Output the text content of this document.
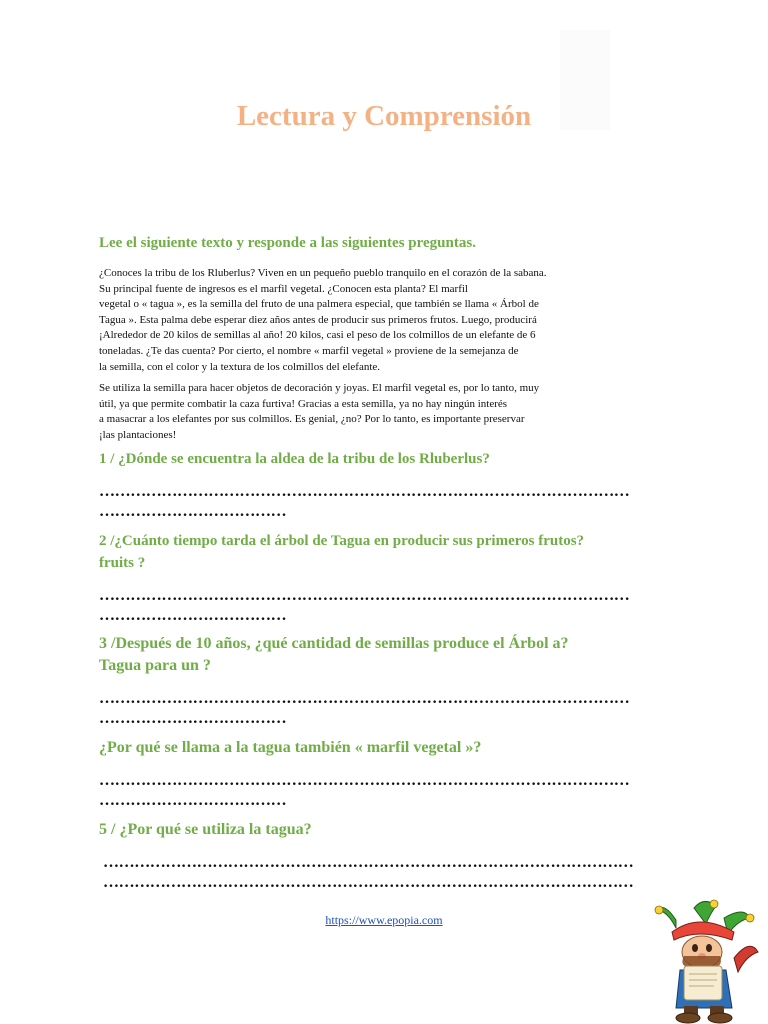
Lectura y Comprensión
Lee el siguiente texto y responde a las siguientes preguntas.
¿Conoces la tribu de los Rluberlus? Viven en un pequeño pueblo tranquilo en el corazón de la sabana.
Su principal fuente de ingresos es el marfil vegetal. ¿Conocen esta planta? El marfil
vegetal o « tagua », es la semilla del fruto de una palmera especial, que también se llama « Árbol de
Tagua ». Esta palma debe esperar diez años antes de producir sus primeros frutos. Luego, producirá
¡Alrededor de 20 kilos de semillas al año! 20 kilos, casi el peso de los colmillos de un elefante de 6
toneladas. ¿Te das cuenta? Por cierto, el nombre « marfil vegetal » proviene de la semejanza de
la semilla, con el color y la textura de los colmillos del elefante.
Se utiliza la semilla para hacer objetos de decoración y joyas. El marfil vegetal es, por lo tanto, muy
útil, ya que permite combatir la caza furtiva! Gracias a esta semilla, ya no hay ningún interés
a masacrar a los elefantes por sus colmillos. Es genial, ¿no? Por lo tanto, es importante preservar
¡las plantaciones!
1 / ¿Dónde se encuentra la aldea de la tribu de los Rluberlus?
…………………………………………………………………………………………
………………………………
2 /¿Cuánto tiempo tarda el árbol de Tagua en producir sus primeros frutos?
fruits ?
…………………………………………………………………………………………
………………………………
3 /Después de 10 años, ¿qué cantidad de semillas produce el Árbol a?
Tagua para un ?
…………………………………………………………………………………………
………………………………
¿Por qué se llama a la tagua también « marfil vegetal »?
…………………………………………………………………………………………
………………………………
5 / ¿Por qué se utiliza la tagua?
…………………………………………………………………………………………
…………………………………………………………………………………………
https://www.epopia.com
